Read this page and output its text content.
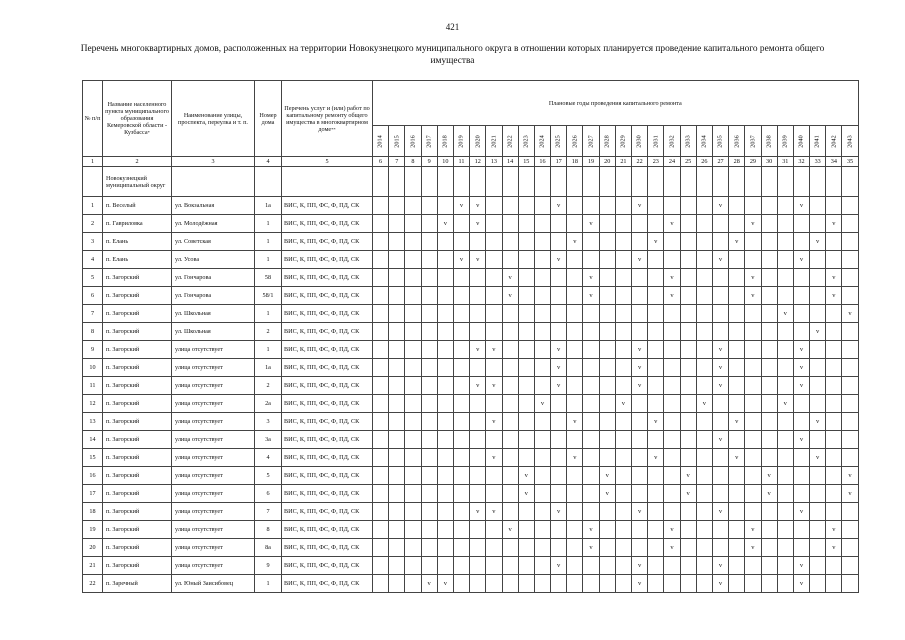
421
Перечень многоквартирных домов, расположенных на территории Новокузнецкого муниципального округа в отношении которых планируется проведение капитального ремонта общего имущества
№ п/п	Название населенного пункта муниципального образования Кемеровской области - Кузбасса*	Наименование улицы, проспекта, переулка и т. п.	Номер дома	Перечень услуг и (или) работ по капитальному ремонту общего имущества в многоквартирном доме**	Плановые годы проведения капитального ремонта																													
					2014	2015	2016	2017	2018	2019	2020	2021	2022	2023	2024	2025	2026	2027	2028	2029	2030	2031	2032	2033	2034	2035	2036	2037	2038	2039	2040	2041	2042	2043
1	2	3	4	5	6	7	8	9	10	11	12	13	14	15	16	17	18	19	20	21	22	23	24	25	26	27	28	29	30	31	32	33	34	35
	Новокузнецкий муниципальный округ																																	
1	п. Веселый	ул. Вокзальная	1а	ВИС, К, ПП, ФС, Ф, ПД, СК						v	v					v					v					v					v			
2	п. Гавриловка	ул. Молодёжная	1	ВИС, К, ПП, ФС, Ф, ПД, СК					v		v							v					v					v					v	
3	п. Елань	ул. Советская	1	ВИС, К, ПП, ФС, Ф, ПД, СК													v					v					v					v		
4	п. Елань	ул. Усова	1	ВИС, К, ПП, ФС, Ф, ПД, СК						v	v					v					v					v					v			
5	п. Загорский	ул. Гончарова	58	ВИС, К, ПП, ФС, Ф, ПД, СК									v					v					v					v					v	
6	п. Загорский	ул. Гончарова	58/1	ВИС, К, ПП, ФС, Ф, ПД, СК									v					v					v					v					v	
7	п. Загорский	ул. Школьная	1	ВИС, К, ПП, ФС, Ф, ПД, СК																										v				v
8	п. Загорский	ул. Школьная	2	ВИС, К, ПП, ФС, Ф, ПД, СК																												v		
9	п. Загорский	улица отсутствует	1	ВИС, К, ПП, ФС, Ф, ПД, СК							v	v				v					v					v					v			
10	п. Загорский	улица отсутствует	1а	ВИС, К, ПП, ФС, Ф, ПД, СК												v					v					v					v			
11	п. Загорский	улица отсутствует	2	ВИС, К, ПП, ФС, Ф, ПД, СК							v	v				v					v					v					v			
12	п. Загорский	улица отсутствует	2а	ВИС, К, ПП, ФС, Ф, ПД, СК											v					v					v					v				
13	п. Загорский	улица отсутствует	3	ВИС, К, ПП, ФС, Ф, ПД, СК								v					v					v					v					v		
14	п. Загорский	улица отсутствует	3а	ВИС, К, ПП, ФС, Ф, ПД, СК																						v					v			
15	п. Загорский	улица отсутствует	4	ВИС, К, ПП, ФС, Ф, ПД, СК								v					v					v					v					v		
16	п. Загорский	улица отсутствует	5	ВИС, К, ПП, ФС, Ф, ПД, СК										v					v					v					v					v
17	п. Загорский	улица отсутствует	6	ВИС, К, ПП, ФС, Ф, ПД, СК										v					v					v					v					v
18	п. Загорский	улица отсутствует	7	ВИС, К, ПП, ФС, Ф, ПД, СК							v	v				v					v					v					v			
19	п. Загорский	улица отсутствует	8	ВИС, К, ПП, ФС, Ф, ПД, СК									v					v					v					v					v	
20	п. Загорский	улица отсутствует	8а	ВИС, К, ПП, ФС, Ф, ПД, СК														v					v					v					v	
21	п. Загорский	улица отсутствует	9	ВИС, К, ПП, ФС, Ф, ПД, СК												v					v					v					v			
22	п. Заречный	ул. Юный Заисибовец	1	ВИС, К, ПП, ФС, Ф, ПД, СК				v	v												v					v					v			
